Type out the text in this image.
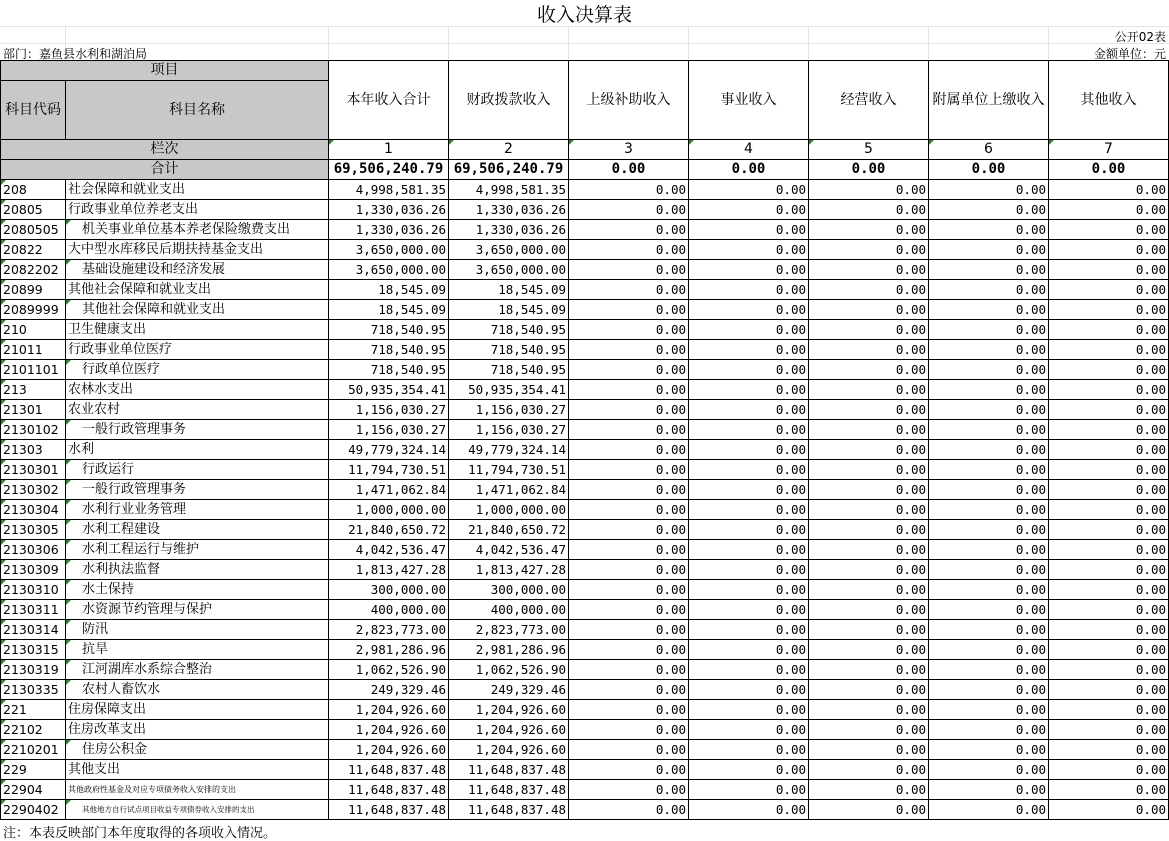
收入决算表
公开02表
部门：嘉鱼县水利和湖泊局	金额单位：元
项目		本年收入合计	财政拨款收入	上级补助收入	事业收入	经营收入	附属单位上缴收入	其他收入
科目代码	科目名称							

栏次		1	2	3	4	5	6	7
合计		69,506,240.79	69,506,240.79	0.00	0.00	0.00	0.00	0.00
208	社会保障和就业支出	4,998,581.35	4,998,581.35	0.00	0.00	0.00	0.00	0.00
20805	行政事业单位养老支出	1,330,036.26	1,330,036.26	0.00	0.00	0.00	0.00	0.00
2080505	机关事业单位基本养老保险缴费支出	1,330,036.26	1,330,036.26	0.00	0.00	0.00	0.00	0.00
20822	大中型水库移民后期扶持基金支出	3,650,000.00	3,650,000.00	0.00	0.00	0.00	0.00	0.00
2082202	基础设施建设和经济发展	3,650,000.00	3,650,000.00	0.00	0.00	0.00	0.00	0.00
20899	其他社会保障和就业支出	18,545.09	18,545.09	0.00	0.00	0.00	0.00	0.00
2089999	其他社会保障和就业支出	18,545.09	18,545.09	0.00	0.00	0.00	0.00	0.00
210	卫生健康支出	718,540.95	718,540.95	0.00	0.00	0.00	0.00	0.00
21011	行政事业单位医疗	718,540.95	718,540.95	0.00	0.00	0.00	0.00	0.00
2101101	行政单位医疗	718,540.95	718,540.95	0.00	0.00	0.00	0.00	0.00
213	农林水支出	50,935,354.41	50,935,354.41	0.00	0.00	0.00	0.00	0.00
21301	农业农村	1,156,030.27	1,156,030.27	0.00	0.00	0.00	0.00	0.00
2130102	一般行政管理事务	1,156,030.27	1,156,030.27	0.00	0.00	0.00	0.00	0.00
21303	水利	49,779,324.14	49,779,324.14	0.00	0.00	0.00	0.00	0.00
2130301	行政运行	11,794,730.51	11,794,730.51	0.00	0.00	0.00	0.00	0.00
2130302	一般行政管理事务	1,471,062.84	1,471,062.84	0.00	0.00	0.00	0.00	0.00
2130304	水利行业业务管理	1,000,000.00	1,000,000.00	0.00	0.00	0.00	0.00	0.00
2130305	水利工程建设	21,840,650.72	21,840,650.72	0.00	0.00	0.00	0.00	0.00
2130306	水利工程运行与维护	4,042,536.47	4,042,536.47	0.00	0.00	0.00	0.00	0.00
2130309	水利执法监督	1,813,427.28	1,813,427.28	0.00	0.00	0.00	0.00	0.00
2130310	水土保持	300,000.00	300,000.00	0.00	0.00	0.00	0.00	0.00
2130311	水资源节约管理与保护	400,000.00	400,000.00	0.00	0.00	0.00	0.00	0.00
2130314	防汛	2,823,773.00	2,823,773.00	0.00	0.00	0.00	0.00	0.00
2130315	抗旱	2,981,286.96	2,981,286.96	0.00	0.00	0.00	0.00	0.00
2130319	江河湖库水系综合整治	1,062,526.90	1,062,526.90	0.00	0.00	0.00	0.00	0.00
2130335	农村人畜饮水	249,329.46	249,329.46	0.00	0.00	0.00	0.00	0.00
221	住房保障支出	1,204,926.60	1,204,926.60	0.00	0.00	0.00	0.00	0.00
22102	住房改革支出	1,204,926.60	1,204,926.60	0.00	0.00	0.00	0.00	0.00
2210201	住房公积金	1,204,926.60	1,204,926.60	0.00	0.00	0.00	0.00	0.00
229	其他支出	11,648,837.48	11,648,837.48	0.00	0.00	0.00	0.00	0.00
22904	其他政府性基金及对应专项债务收入安排的支出	11,648,837.48	11,648,837.48	0.00	0.00	0.00	0.00	0.00
2290402	其他地方自行试点项目收益专项债券收入安排的支出	11,648,837.48	11,648,837.48	0.00	0.00	0.00	0.00	0.00
注：本表反映部门本年度取得的各项收入情况。
